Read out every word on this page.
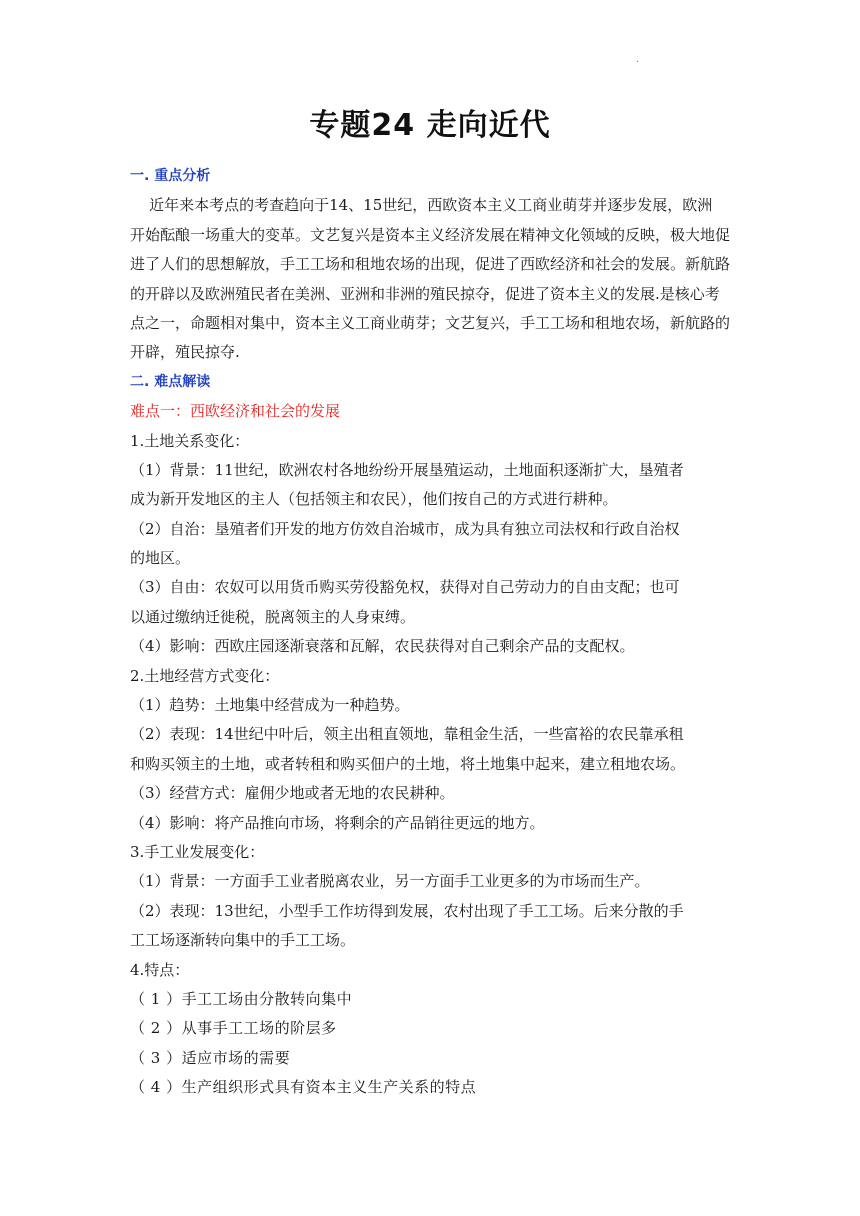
·
专题24 走向近代
一. 重点分析
近年来本考点的考查趋向于14、15世纪，西欧资本主义工商业萌芽并逐步发展，欧洲
开始酝酿一场重大的变革。文艺复兴是资本主义经济发展在精神文化领域的反映，极大地促
进了人们的思想解放，手工工场和租地农场的出现，促进了西欧经济和社会的发展。新航路
的开辟以及欧洲殖民者在美洲、亚洲和非洲的殖民掠夺，促进了资本主义的发展.是核心考
点之一，命题相对集中，资本主义工商业萌芽；文艺复兴，手工工场和租地农场，新航路的
开辟，殖民掠夺.
二. 难点解读
难点一：西欧经济和社会的发展
1.土地关系变化：
（1）背景：11世纪，欧洲农村各地纷纷开展垦殖运动，土地面积逐渐扩大，垦殖者
成为新开发地区的主人（包括领主和农民），他们按自己的方式进行耕种。
（2）自治：垦殖者们开发的地方仿效自治城市，成为具有独立司法权和行政自治权
的地区。
（3）自由：农奴可以用货币购买劳役豁免权，获得对自己劳动力的自由支配；也可
以通过缴纳迁徙税，脱离领主的人身束缚。
（4）影响：西欧庄园逐渐衰落和瓦解，农民获得对自己剩余产品的支配权。
2.土地经营方式变化：
（1）趋势：土地集中经营成为一种趋势。
（2）表现：14世纪中叶后，领主出租直领地，靠租金生活，一些富裕的农民靠承租
和购买领主的土地，或者转租和购买佃户的土地，将土地集中起来，建立租地农场。
（3）经营方式：雇佣少地或者无地的农民耕种。
（4）影响：将产品推向市场，将剩余的产品销往更远的地方。
3.手工业发展变化：
（1）背景：一方面手工业者脱离农业，另一方面手工业更多的为市场而生产。
（2）表现：13世纪，小型手工作坊得到发展，农村出现了手工工场。后来分散的手
工工场逐渐转向集中的手工工场。
4.特点：
（ 1 ）手工工场由分散转向集中
（ 2 ）从事手工工场的阶层多
（ 3 ）适应市场的需要
（ 4 ）生产组织形式具有资本主义生产关系的特点
